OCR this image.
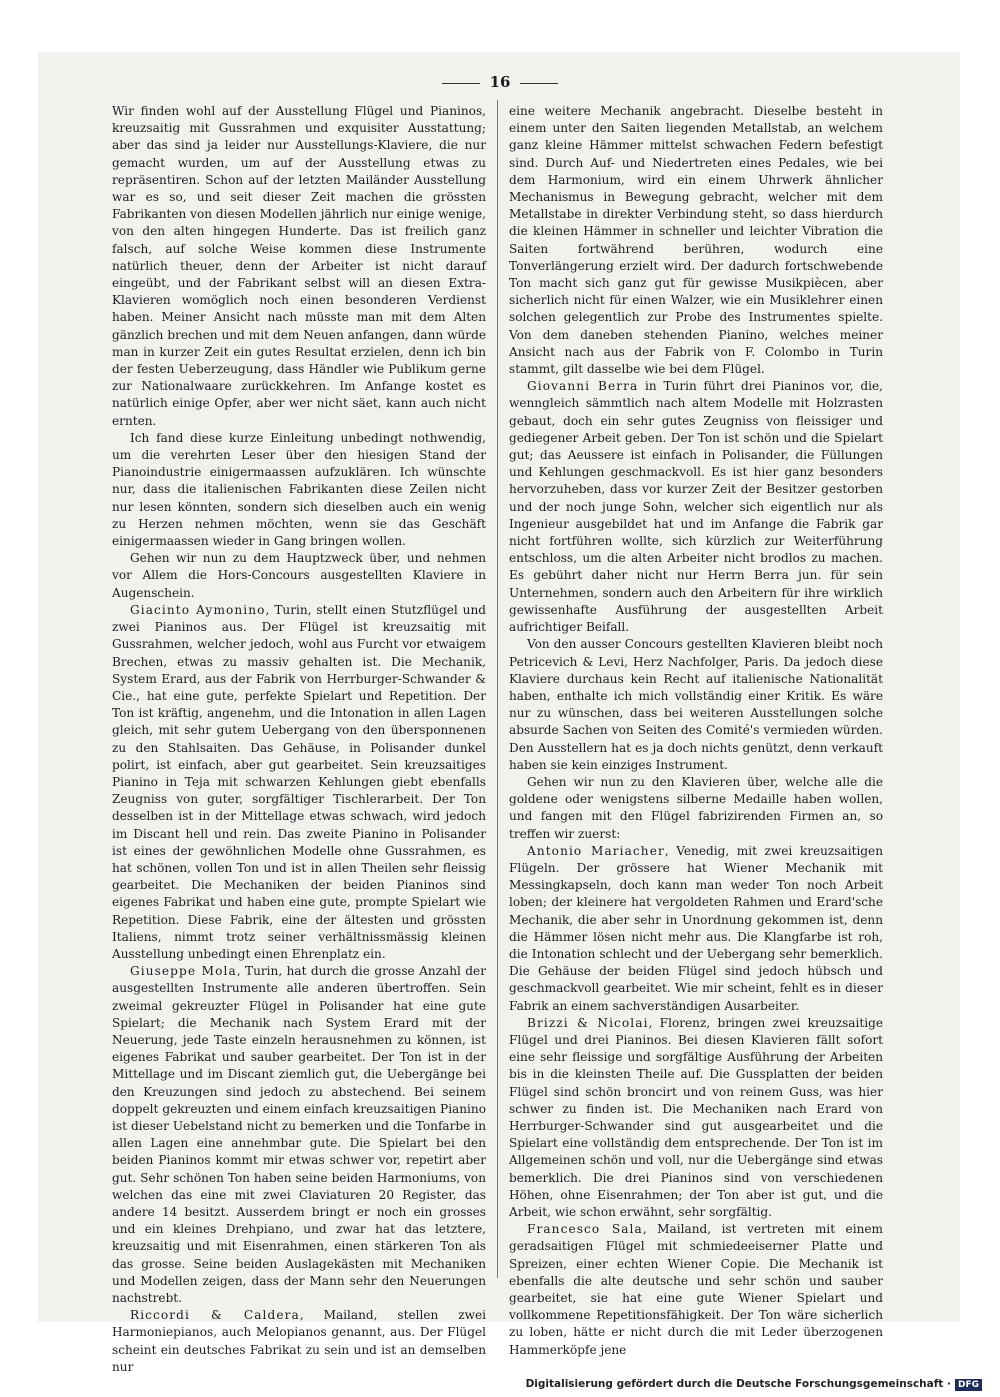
16

Wir finden wohl auf der Ausstellung Flügel und Pianinos, kreuzsaitig mit Gussrahmen und exquisiter Ausstattung; aber das sind ja leider nur Ausstellungs-Klaviere, die nur gemacht wurden, um auf der Ausstellung etwas zu repräsentiren. Schon auf der letzten Mailänder Ausstellung war es so, und seit dieser Zeit machen die grössten Fabrikanten von diesen Modellen jährlich nur einige wenige, von den alten hingegen Hunderte. Das ist freilich ganz falsch, auf solche Weise kommen diese Instrumente natürlich theuer, denn der Arbeiter ist nicht darauf eingeübt, und der Fabrikant selbst will an diesen Extra-Klavieren womöglich noch einen besonderen Verdienst haben. Meiner Ansicht nach müsste man mit dem Alten gänzlich brechen und mit dem Neuen anfangen, dann würde man in kurzer Zeit ein gutes Resultat erzielen, denn ich bin der festen Ueberzeugung, dass Händler wie Publikum gerne zur Nationalwaare zurückkehren. Im Anfange kostet es natürlich einige Opfer, aber wer nicht säet, kann auch nicht ernten.

Ich fand diese kurze Einleitung unbedingt nothwendig, um die verehrten Leser über den hiesigen Stand der Pianoindustrie einigermaassen aufzuklären. Ich wünschte nur, dass die italienischen Fabrikanten diese Zeilen nicht nur lesen könnten, sondern sich dieselben auch ein wenig zu Herzen nehmen möchten, wenn sie das Geschäft einigermaassen wieder in Gang bringen wollen.

Gehen wir nun zu dem Hauptzweck über, und nehmen vor Allem die Hors-Concours ausgestellten Klaviere in Augenschein.

Giacinto Aymonino, Turin, stellt einen Stutzflügel und zwei Pianinos aus. Der Flügel ist kreuzsaitig mit Gussrahmen, welcher jedoch, wohl aus Furcht vor etwaigem Brechen, etwas zu massiv gehalten ist. Die Mechanik, System Erard, aus der Fabrik von Herrburger-Schwander & Cie., hat eine gute, perfekte Spielart und Repetition. Der Ton ist kräftig, angenehm, und die Intonation in allen Lagen gleich, mit sehr gutem Uebergang von den übersponnenen zu den Stahlsaiten. Das Gehäuse, in Polisander dunkel polirt, ist einfach, aber gut gearbeitet. Sein kreuzsaitiges Pianino in Teja mit schwarzen Kehlungen giebt ebenfalls Zeugniss von guter, sorgfältiger Tischlerarbeit. Der Ton desselben ist in der Mittellage etwas schwach, wird jedoch im Discant hell und rein. Das zweite Pianino in Polisander ist eines der gewöhnlichen Modelle ohne Gussrahmen, es hat schönen, vollen Ton und ist in allen Theilen sehr fleissig gearbeitet. Die Mechaniken der beiden Pianinos sind eigenes Fabrikat und haben eine gute, prompte Spielart wie Repetition. Diese Fabrik, eine der ältesten und grössten Italiens, nimmt trotz seiner verhältnissmässig kleinen Ausstellung unbedingt einen Ehrenplatz ein.

Giuseppe Mola, Turin, hat durch die grosse Anzahl der ausgestellten Instrumente alle anderen übertroffen. Sein zweimal gekreuzter Flügel in Polisander hat eine gute Spielart; die Mechanik nach System Erard mit der Neuerung, jede Taste einzeln herausnehmen zu können, ist eigenes Fabrikat und sauber gearbeitet. Der Ton ist in der Mittellage und im Discant ziemlich gut, die Uebergänge bei den Kreuzungen sind jedoch zu abstechend. Bei seinem doppelt gekreuzten und einem einfach kreuzsaitigen Pianino ist dieser Uebelstand nicht zu bemerken und die Tonfarbe in allen Lagen eine annehmbar gute. Die Spielart bei den beiden Pianinos kommt mir etwas schwer vor, repetirt aber gut. Sehr schönen Ton haben seine beiden Harmoniums, von welchen das eine mit zwei Claviaturen 20 Register, das andere 14 besitzt. Ausserdem bringt er noch ein grosses und ein kleines Drehpiano, und zwar hat das letztere, kreuzsaitig und mit Eisenrahmen, einen stärkeren Ton als das grosse. Seine beiden Auslagekästen mit Mechaniken und Modellen zeigen, dass der Mann sehr den Neuerungen nachstrebt.

Riccordi & Caldera, Mailand, stellen zwei Harmoniepianos, auch Melopianos genannt, aus. Der Flügel scheint ein deutsches Fabrikat zu sein und ist an demselben nur

eine weitere Mechanik angebracht. Dieselbe besteht in einem unter den Saiten liegenden Metallstab, an welchem ganz kleine Hämmer mittelst schwachen Federn befestigt sind. Durch Auf- und Niedertreten eines Pedales, wie bei dem Harmonium, wird ein einem Uhrwerk ähnlicher Mechanismus in Bewegung gebracht, welcher mit dem Metallstabe in direkter Verbindung steht, so dass hierdurch die kleinen Hämmer in schneller und leichter Vibration die Saiten fortwährend berühren, wodurch eine Tonverlängerung erzielt wird. Der dadurch fortschwebende Ton macht sich ganz gut für gewisse Musikpiècen, aber sicherlich nicht für einen Walzer, wie ein Musiklehrer einen solchen gelegentlich zur Probe des Instrumentes spielte. Von dem daneben stehenden Pianino, welches meiner Ansicht nach aus der Fabrik von F. Colombo in Turin stammt, gilt dasselbe wie bei dem Flügel.

Giovanni Berra in Turin führt drei Pianinos vor, die, wenngleich sämmtlich nach altem Modelle mit Holzrasten gebaut, doch ein sehr gutes Zeugniss von fleissiger und gediegener Arbeit geben. Der Ton ist schön und die Spielart gut; das Aeussere ist einfach in Polisander, die Füllungen und Kehlungen geschmackvoll. Es ist hier ganz besonders hervorzuheben, dass vor kurzer Zeit der Besitzer gestorben und der noch junge Sohn, welcher sich eigentlich nur als Ingenieur ausgebildet hat und im Anfange die Fabrik gar nicht fortführen wollte, sich kürzlich zur Weiterführung entschloss, um die alten Arbeiter nicht brodlos zu machen. Es gebührt daher nicht nur Herrn Berra jun. für sein Unternehmen, sondern auch den Arbeitern für ihre wirklich gewissenhafte Ausführung der ausgestellten Arbeit aufrichtiger Beifall.

Von den ausser Concours gestellten Klavieren bleibt noch Petricevich & Levi, Herz Nachfolger, Paris. Da jedoch diese Klaviere durchaus kein Recht auf italienische Nationalität haben, enthalte ich mich vollständig einer Kritik. Es wäre nur zu wünschen, dass bei weiteren Ausstellungen solche absurde Sachen von Seiten des Comité's vermieden würden. Den Ausstellern hat es ja doch nichts genützt, denn verkauft haben sie kein einziges Instrument.

Gehen wir nun zu den Klavieren über, welche alle die goldene oder wenigstens silberne Medaille haben wollen, und fangen mit den Flügel fabrizirenden Firmen an, so treffen wir zuerst:

Antonio Mariacher, Venedig, mit zwei kreuzsaitigen Flügeln. Der grössere hat Wiener Mechanik mit Messingkapseln, doch kann man weder Ton noch Arbeit loben; der kleinere hat vergoldeten Rahmen und Erard'sche Mechanik, die aber sehr in Unordnung gekommen ist, denn die Hämmer lösen nicht mehr aus. Die Klangfarbe ist roh, die Intonation schlecht und der Uebergang sehr bemerklich. Die Gehäuse der beiden Flügel sind jedoch hübsch und geschmackvoll gearbeitet. Wie mir scheint, fehlt es in dieser Fabrik an einem sachverständigen Ausarbeiter.

Brizzi & Nicolai, Florenz, bringen zwei kreuzsaitige Flügel und drei Pianinos. Bei diesen Klavieren fällt sofort eine sehr fleissige und sorgfältige Ausführung der Arbeiten bis in die kleinsten Theile auf. Die Gussplatten der beiden Flügel sind schön broncirt und von reinem Guss, was hier schwer zu finden ist. Die Mechaniken nach Erard von Herrburger-Schwander sind gut ausgearbeitet und die Spielart eine vollständig dem entsprechende. Der Ton ist im Allgemeinen schön und voll, nur die Uebergänge sind etwas bemerklich. Die drei Pianinos sind von verschiedenen Höhen, ohne Eisenrahmen; der Ton aber ist gut, und die Arbeit, wie schon erwähnt, sehr sorgfältig.

Francesco Sala, Mailand, ist vertreten mit einem geradsaitigen Flügel mit schmiedeeiserner Platte und Spreizen, einer echten Wiener Copie. Die Mechanik ist ebenfalls die alte deutsche und sehr schön und sauber gearbeitet, sie hat eine gute Wiener Spielart und vollkommene Repetitionsfähigkeit. Der Ton wäre sicherlich zu loben, hätte er nicht durch die mit Leder überzogenen Hammerköpfe jene

Digitalisierung gefördert durch die Deutsche Forschungsgemeinschaft · DFG
